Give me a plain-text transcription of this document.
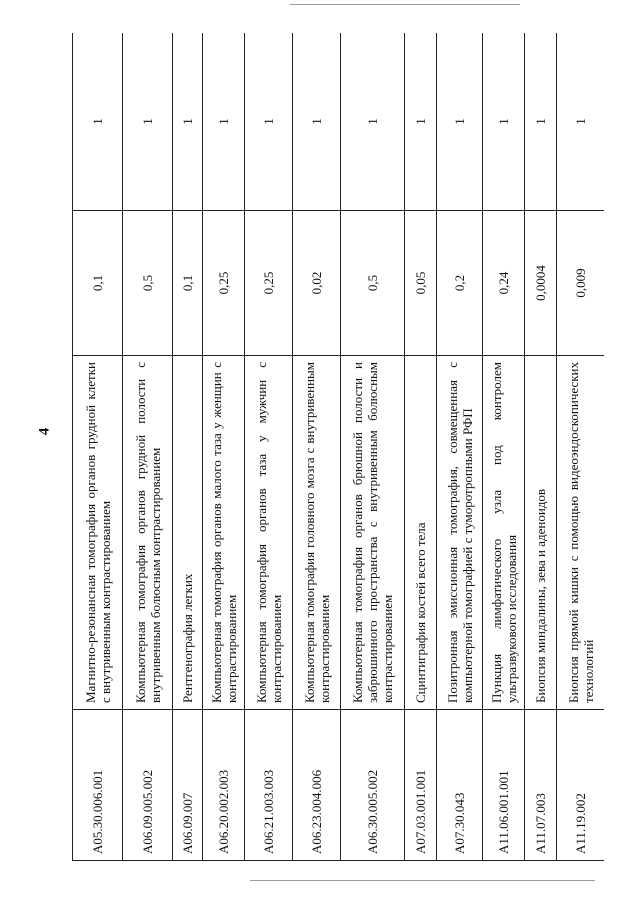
4
A05.30.006.001	Магнитно-резонансная томография органов грудной клетки с внутривенным контрастированием	0,1	1
A06.09.005.002	Компьютерная томография органов грудной полости с внутривенным болюсным контрастированием	0,5	1
A06.09.007	Рентгенография легких	0,1	1
A06.20.002.003	Компьютерная томография органов малого таза у женщин с контрастированием	0,25	1
A06.21.003.003	Компьютерная томография органов таза у мужчин с контрастированием	0,25	1
A06.23.004.006	Компьютерная томография головного мозга с внутривенным контрастированием	0,02	1
A06.30.005.002	Компьютерная томография органов брюшной полости и забрюшинного пространства с внутривенным болюсным контрастированием	0,5	1
A07.03.001.001	Сцинтиграфия костей всего тела	0,05	1
A07.30.043	Позитронная эмиссионная томография, совмещенная с компьютерной томографией с туморотропными РФП	0,2	1
A11.06.001.001	Пункция лимфатического узла под контролем ультразвукового исследования	0,24	1
A11.07.003	Биопсия миндалины, зева и аденоидов	0,0004	1
A11.19.002	Биопсия прямой кишки с помощью видеоэндоскопических технологий	0,009	1
